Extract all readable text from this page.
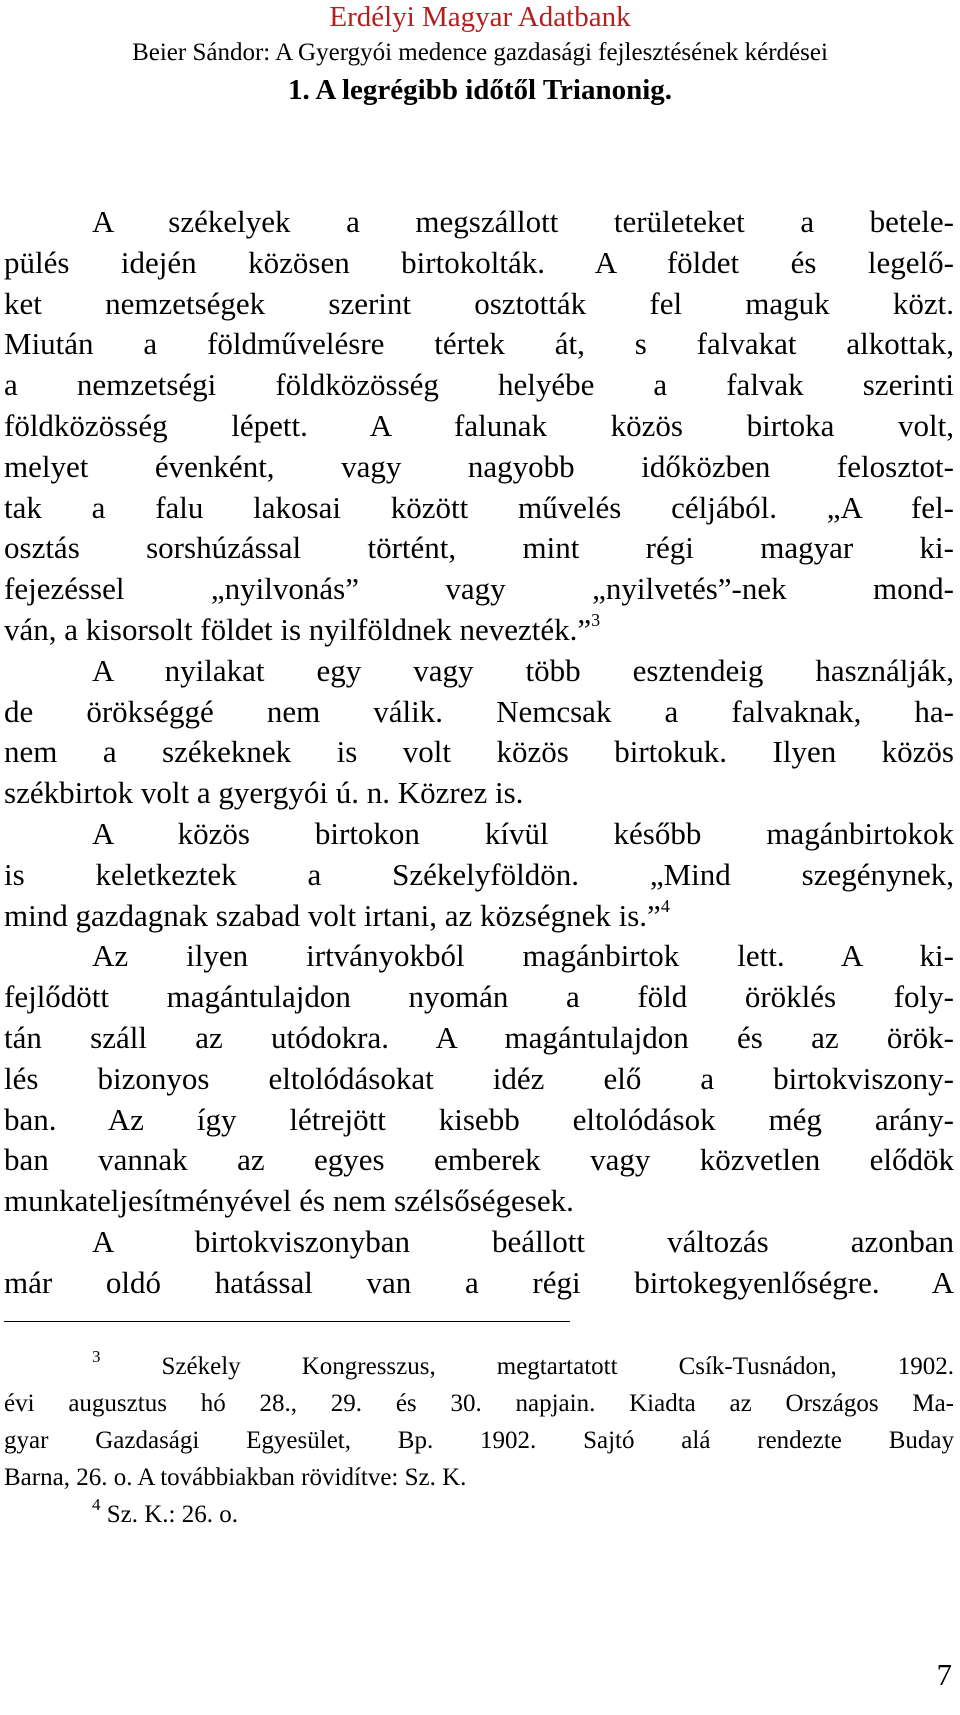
Erdélyi Magyar Adatbank
Beier Sándor: A Gyergyói medence gazdasági fejlesztésének kérdései
1. A legrégibb időtől Trianonig.
A székelyek a megszállott területeket a betele-
pülés idején közösen birtokolták. A földet és legelő-
ket nemzetségek szerint osztották fel maguk közt.
Miután a földművelésre tértek át, s falvakat alkottak,
a nemzetségi földközösség helyébe a falvak szerinti
földközösség lépett. A falunak közös birtoka volt,
melyet évenként, vagy nagyobb időközben felosztot-
tak a falu lakosai között művelés céljából. „A fel-
osztás sorshúzással történt, mint régi magyar ki-
fejezéssel „nyilvonás” vagy „nyilvetés”-nek mond-
ván, a kisorsolt földet is nyilföldnek nevezték.”$^3$
A nyilakat egy vagy több esztendeig használják,
de örökséggé nem válik. Nemcsak a falvaknak, ha-
nem a székeknek is volt közös birtokuk. Ilyen közös
székbirtok volt a gyergyói ú. n. Közrez is.
A közös birtokon kívül később magánbirtokok
is keletkeztek a Székelyföldön. „Mind szegénynek,
mind gazdagnak szabad volt irtani, az községnek is.”$^4$
Az ilyen irtványokból magánbirtok lett. A ki-
fejlődött magántulajdon nyomán a föld öröklés foly-
tán száll az utódokra. A magántulajdon és az örök-
lés bizonyos eltolódásokat idéz elő a birtokviszony-
ban. Az így létrejött kisebb eltolódások még arány-
ban vannak az egyes emberek vagy közvetlen elődök
munkateljesítményével és nem szélsőségesek.
A birtokviszonyban beállott változás azonban
már oldó hatással van a régi birtokegyenlőségre. A
$^3$ Székely Kongresszus, megtartatott Csík-Tusnádon, 1902.
évi augusztus hó 28., 29. és 30. napjain. Kiadta az Országos Ma-
gyar Gazdasági Egyesület, Bp. 1902. Sajtó alá rendezte Buday
Barna, 26. o. A továbbiakban rövidítve: Sz. K.
$^4$ Sz. K.: 26. o.
7
